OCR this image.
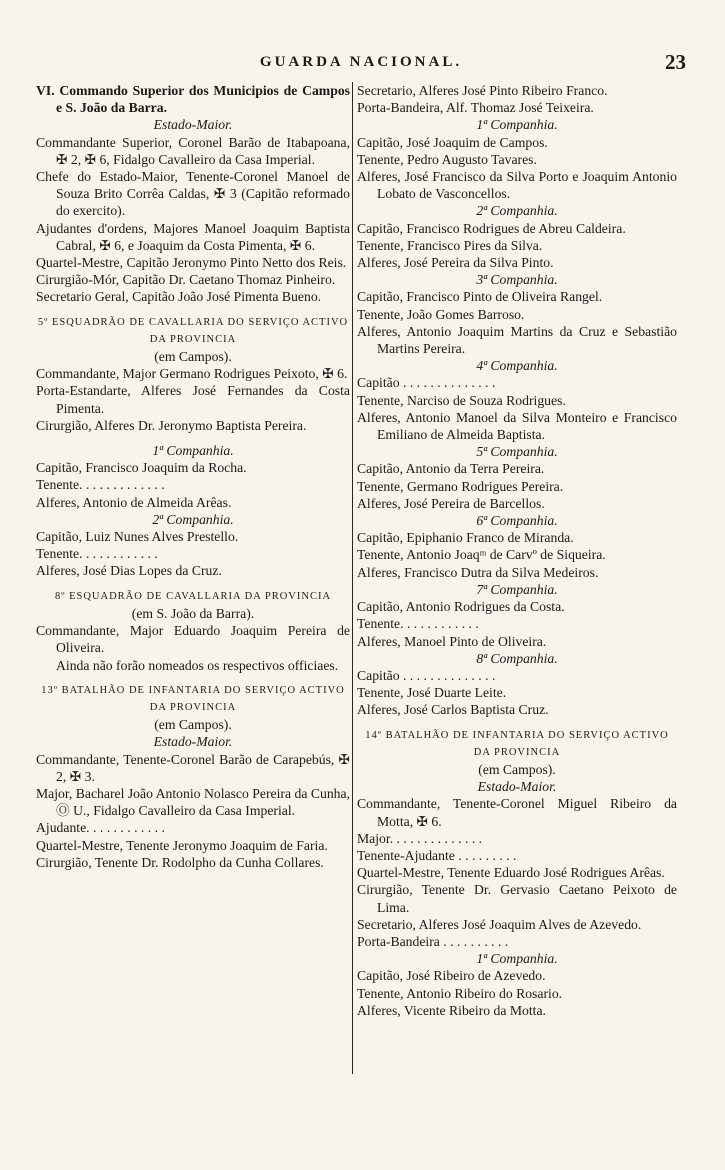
GUARDA NACIONAL.	23

VI. Commando Superior dos Municipios de Campos e S. João da Barra.

Estado-Maior.

Commandante Superior, Coronel Barão de Itabapoana, ✠ 2, ✠ 6, Fidalgo Cavalleiro da Casa Imperial.

Chefe do Estado-Maior, Tenente-Coronel Manoel de Souza Brito Corrêa Caldas, ✠ 3 (Capitão reformado do exercito).

Ajudantes d'ordens, Majores Manoel Joaquim Baptista Cabral, ✠ 6, e Joaquim da Costa Pimenta, ✠ 6.

Quartel-Mestre, Capitão Jeronymo Pinto Netto dos Reis.

Cirurgião-Mór, Capitão Dr. Caetano Thomaz Pinheiro.

Secretario Geral, Capitão João José Pimenta Bueno.

5º ESQUADRÃO DE CAVALLARIA DO SERVIÇO ACTIVO DA PROVINCIA

(em Campos).

Commandante, Major Germano Rodrigues Peixoto, ✠ 6.

Porta-Estandarte, Alferes José Fernandes da Costa Pimenta.

Cirurgião, Alferes Dr. Jeronymo Baptista Pereira.

1ª Companhia.

Capitão, Francisco Joaquim da Rocha.

Tenente. . . . . . . . . . . . .

Alferes, Antonio de Almeida Arêas.

2ª Companhia.

Capitão, Luiz Nunes Alves Prestello.

Tenente. . . . . . . . . . . .

Alferes, José Dias Lopes da Cruz.

8º ESQUADRÃO DE CAVALLARIA DA PROVINCIA

(em S. João da Barra).

Commandante, Major Eduardo Joaquim Pereira de Oliveira.

Ainda não forão nomeados os respectivos officiaes.

13º BATALHÃO DE INFANTARIA DO SERVIÇO ACTIVO DA PROVINCIA

(em Campos).

Estado-Maior.

Commandante, Tenente-Coronel Barão de Carapebús, ✠ 2, ✠ 3.

Major, Bacharel João Antonio Nolasco Pereira da Cunha, Ⓞ U., Fidalgo Cavalleiro da Casa Imperial.

Ajudante. . . . . . . . . . . .

Quartel-Mestre, Tenente Jeronymo Joaquim de Faria.

Cirurgião, Tenente Dr. Rodolpho da Cunha Collares.

Secretario, Alferes José Pinto Ribeiro Franco.

Porta-Bandeira, Alf. Thomaz José Teixeira.

1ª Companhia.

Capitão, José Joaquim de Campos.

Tenente, Pedro Augusto Tavares.

Alferes, José Francisco da Silva Porto e Joaquim Antonio Lobato de Vasconcellos.

2ª Companhia.

Capitão, Francisco Rodrigues de Abreu Caldeira.

Tenente, Francisco Pires da Silva.

Alferes, José Pereira da Silva Pinto.

3ª Companhia.

Capitão, Francisco Pinto de Oliveira Rangel.

Tenente, João Gomes Barroso.

Alferes, Antonio Joaquim Martins da Cruz e Sebastião Martins Pereira.

4ª Companhia.

Capitão . . . . . . . . . . . . . .

Tenente, Narciso de Souza Rodrigues.

Alferes, Antonio Manoel da Silva Monteiro e Francisco Emiliano de Almeida Baptista.

5ª Companhia.

Capitão, Antonio da Terra Pereira.

Tenente, Germano Rodrigues Pereira.

Alferes, José Pereira de Barcellos.

6ª Companhia.

Capitão, Epiphanio Franco de Miranda.

Tenente, Antonio Joaqᵐ de Carvº de Siqueira.

Alferes, Francisco Dutra da Silva Medeiros.

7ª Companhia.

Capitão, Antonio Rodrigues da Costa.

Tenente. . . . . . . . . . . .

Alferes, Manoel Pinto de Oliveira.

8ª Companhia.

Capitão . . . . . . . . . . . . . .

Tenente, José Duarte Leite.

Alferes, José Carlos Baptista Cruz.

14º BATALHÃO DE INFANTARIA DO SERVIÇO ACTIVO DA PROVINCIA

(em Campos).

Estado-Maior.

Commandante, Tenente-Coronel Miguel Ribeiro da Motta, ✠ 6.

Major. . . . . . . . . . . . . .

Tenente-Ajudante . . . . . . . . .

Quartel-Mestre, Tenente Eduardo José Rodrigues Arêas.

Cirurgião, Tenente Dr. Gervasio Caetano Peixoto de Lima.

Secretario, Alferes José Joaquim Alves de Azevedo.

Porta-Bandeira . . . . . . . . . .

1ª Companhia.

Capitão, José Ribeiro de Azevedo.

Tenente, Antonio Ribeiro do Rosario.

Alferes, Vicente Ribeiro da Motta.
